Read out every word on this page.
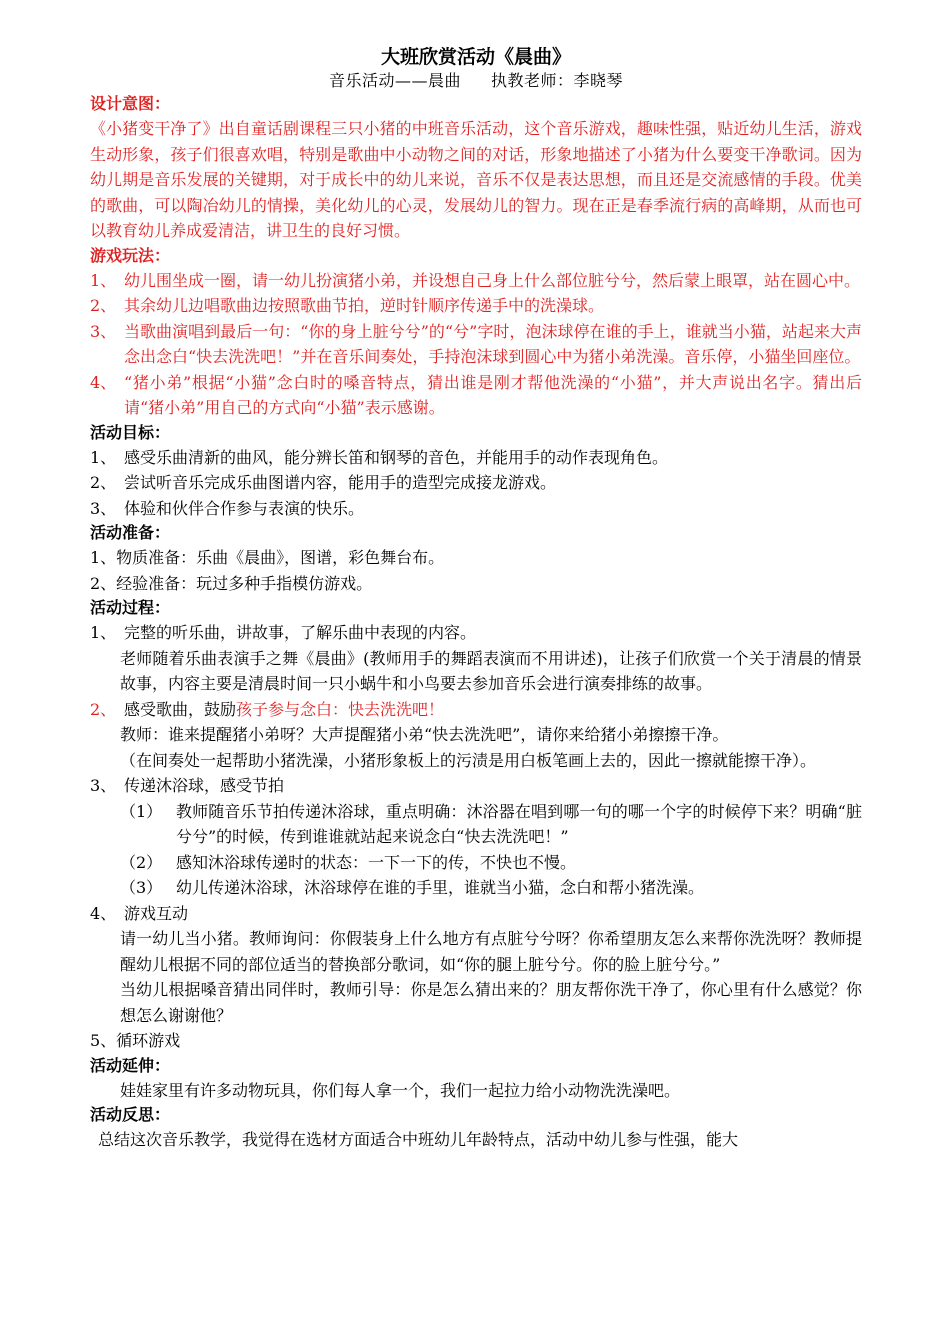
大班欣赏活动《晨曲》
音乐活动——晨曲 执教老师：李晓琴
设计意图：
《小猪变干净了》出自童话剧课程三只小猪的中班音乐活动，这个音乐游戏，趣味性强，贴近幼儿生活，游戏生动形象，孩子们很喜欢唱，特别是歌曲中小动物之间的对话，形象地描述了小猪为什么要变干净歌词。因为幼儿期是音乐发展的关键期，对于成长中的幼儿来说，音乐不仅是表达思想，而且还是交流感情的手段。优美的歌曲，可以陶冶幼儿的情操，美化幼儿的心灵，发展幼儿的智力。现在正是春季流行病的高峰期，从而也可以教育幼儿养成爱清洁，讲卫生的良好习惯。
游戏玩法：
1、 幼儿围坐成一圈，请一幼儿扮演猪小弟，并设想自己身上什么部位脏兮兮，然后蒙上眼罩，站在圆心中。
2、 其余幼儿边唱歌曲边按照歌曲节拍，逆时针顺序传递手中的洗澡球。
3、 当歌曲演唱到最后一句：“你的身上脏兮兮”的“兮”字时，泡沫球停在谁的手上，谁就当小猫，站起来大声念出念白“快去洗洗吧！”并在音乐间奏处，手持泡沫球到圆心中为猪小弟洗澡。音乐停，小猫坐回座位。
4、 “猪小弟”根据“小猫”念白时的嗓音特点，猜出谁是刚才帮他洗澡的“小猫”，并大声说出名字。猜出后请“猪小弟”用自己的方式向“小猫”表示感谢。
活动目标：
1、 感受乐曲清新的曲风，能分辨长笛和钢琴的音色，并能用手的动作表现角色。
2、 尝试听音乐完成乐曲图谱内容，能用手的造型完成接龙游戏。
3、 体验和伙伴合作参与表演的快乐。
活动准备：
1、物质准备：乐曲《晨曲》，图谱，彩色舞台布。
2、经验准备：玩过多种手指模仿游戏。
活动过程：
1、 完整的听乐曲，讲故事，了解乐曲中表现的内容。
老师随着乐曲表演手之舞《晨曲》(教师用手的舞蹈表演而不用讲述)，让孩子们欣赏一个关于清晨的情景故事，内容主要是清晨时间一只小蜗牛和小鸟要去参加音乐会进行演奏排练的故事。
2、 感受歌曲，鼓励孩子参与念白：快去洗洗吧！
教师：谁来提醒猪小弟呀？大声提醒猪小弟“快去洗洗吧”，请你来给猪小弟擦擦干净。
（在间奏处一起帮助小猪洗澡，小猪形象板上的污渍是用白板笔画上去的，因此一擦就能擦干净）。
3、 传递沐浴球，感受节拍
（1） 教师随音乐节拍传递沐浴球，重点明确：沐浴器在唱到哪一句的哪一个字的时候停下来？明确“脏兮兮”的时候，传到谁谁就站起来说念白“快去洗洗吧！”
（2） 感知沐浴球传递时的状态：一下一下的传，不快也不慢。
（3） 幼儿传递沐浴球，沐浴球停在谁的手里，谁就当小猫，念白和帮小猪洗澡。
4、 游戏互动
请一幼儿当小猪。教师询问：你假装身上什么地方有点脏兮兮呀？你希望朋友怎么来帮你洗洗呀？教师提醒幼儿根据不同的部位适当的替换部分歌词，如“你的腿上脏兮兮。你的脸上脏兮兮。”
当幼儿根据嗓音猜出同伴时，教师引导：你是怎么猜出来的？朋友帮你洗干净了，你心里有什么感觉？你想怎么谢谢他？
5、循环游戏
活动延伸：
娃娃家里有许多动物玩具，你们每人拿一个，我们一起拉力给小动物洗洗澡吧。
活动反思：
总结这次音乐教学，我觉得在选材方面适合中班幼儿年龄特点，活动中幼儿参与性强，能大
